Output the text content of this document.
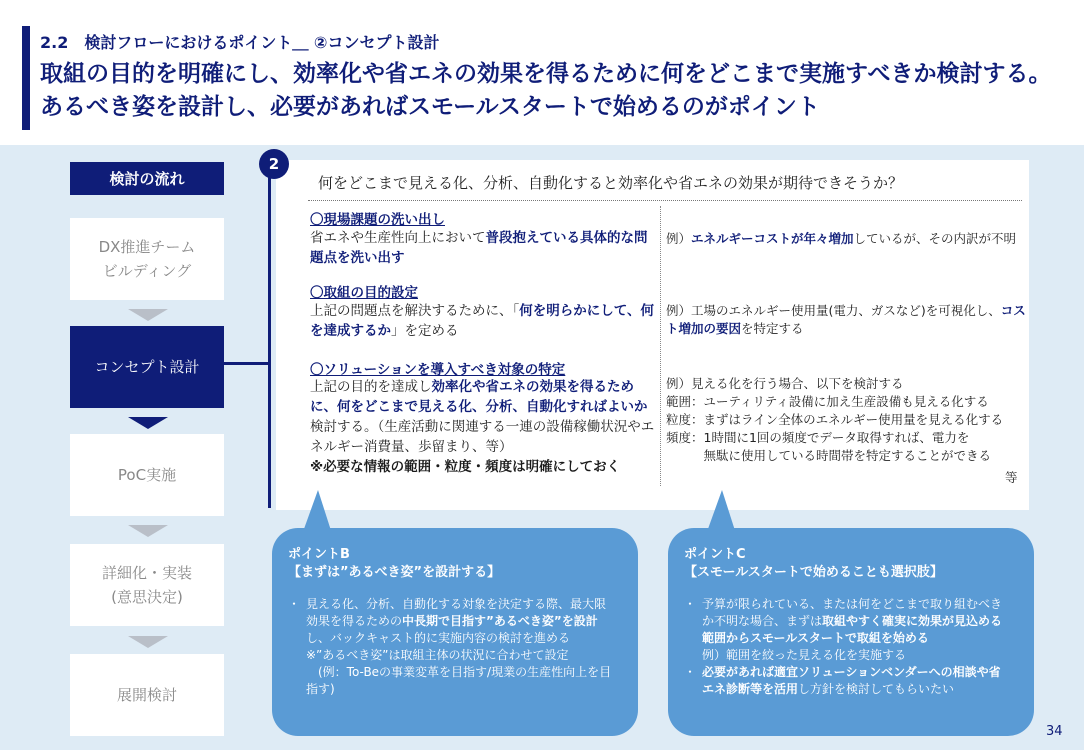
2.2　検討フローにおけるポイント＿ ②コンセプト設計
取組の目的を明確にし、効率化や省エネの効果を得るために何をどこまで実施すべきか検討する。あるべき姿を設計し、必要があればスモールスタートで始めるのがポイント
検討の流れ
DX推進チーム
ビルディング
コンセプト設計
PoC実施
詳細化・実装
(意思決定)
展開検討
2
何をどこまで見える化、分析、自動化すると効率化や省エネの効果が期待できそうか？
〇現場課題の洗い出し
省エネや生産性向上において普段抱えている具体的な問題点を洗い出す
例）エネルギーコストが年々増加しているが、その内訳が不明
〇取組の目的設定
上記の問題点を解決するために、「何を明らかにして、何を達成するか」を定める
例）工場のエネルギー使用量(電力、ガスなど)を可視化し、コスト増加の要因を特定する
〇ソリューションを導入すべき対象の特定
上記の目的を達成し効率化や省エネの効果を得るために、何をどこまで見える化、分析、自動化すればよいか検討する。（生産活動に関連する一連の設備稼働状況やエネルギー消費量、歩留まり、等）
※必要な情報の範囲・粒度・頻度は明確にしておく
例）見える化を行う場合、以下を検討する
範囲：ユーティリティ設備に加え生産設備も見える化する
粒度：まずはライン全体のエネルギー使用量を見える化する
頻度：1時間に1回の頻度でデータ取得すれば、電力を
　　　無駄に使用している時間帯を特定することができる
等
ポイントB
【まずは”あるべき姿”を設計する】
・ 見える化、分析、自動化する対象を決定する際、最大限効果を得るための中長期で目指す”あるべき姿”を設計し、バックキャスト的に実施内容の検討を進める
※”あるべき姿”は取組主体の状況に合わせて設定
　(例：To-Beの事業変革を目指す/現業の生産性向上を目指す)
ポイントC
【スモールスタートで始めることも選択肢】
・ 予算が限られている、または何をどこまで取り組むべきか不明な場合、まずは取組やすく確実に効果が見込める範囲からスモールスタートで取組を始める
例）範囲を絞った見える化を実施する
・ 必要があれば適宜ソリューションベンダーへの相談や省エネ診断等を活用し方針を検討してもらいたい
34
